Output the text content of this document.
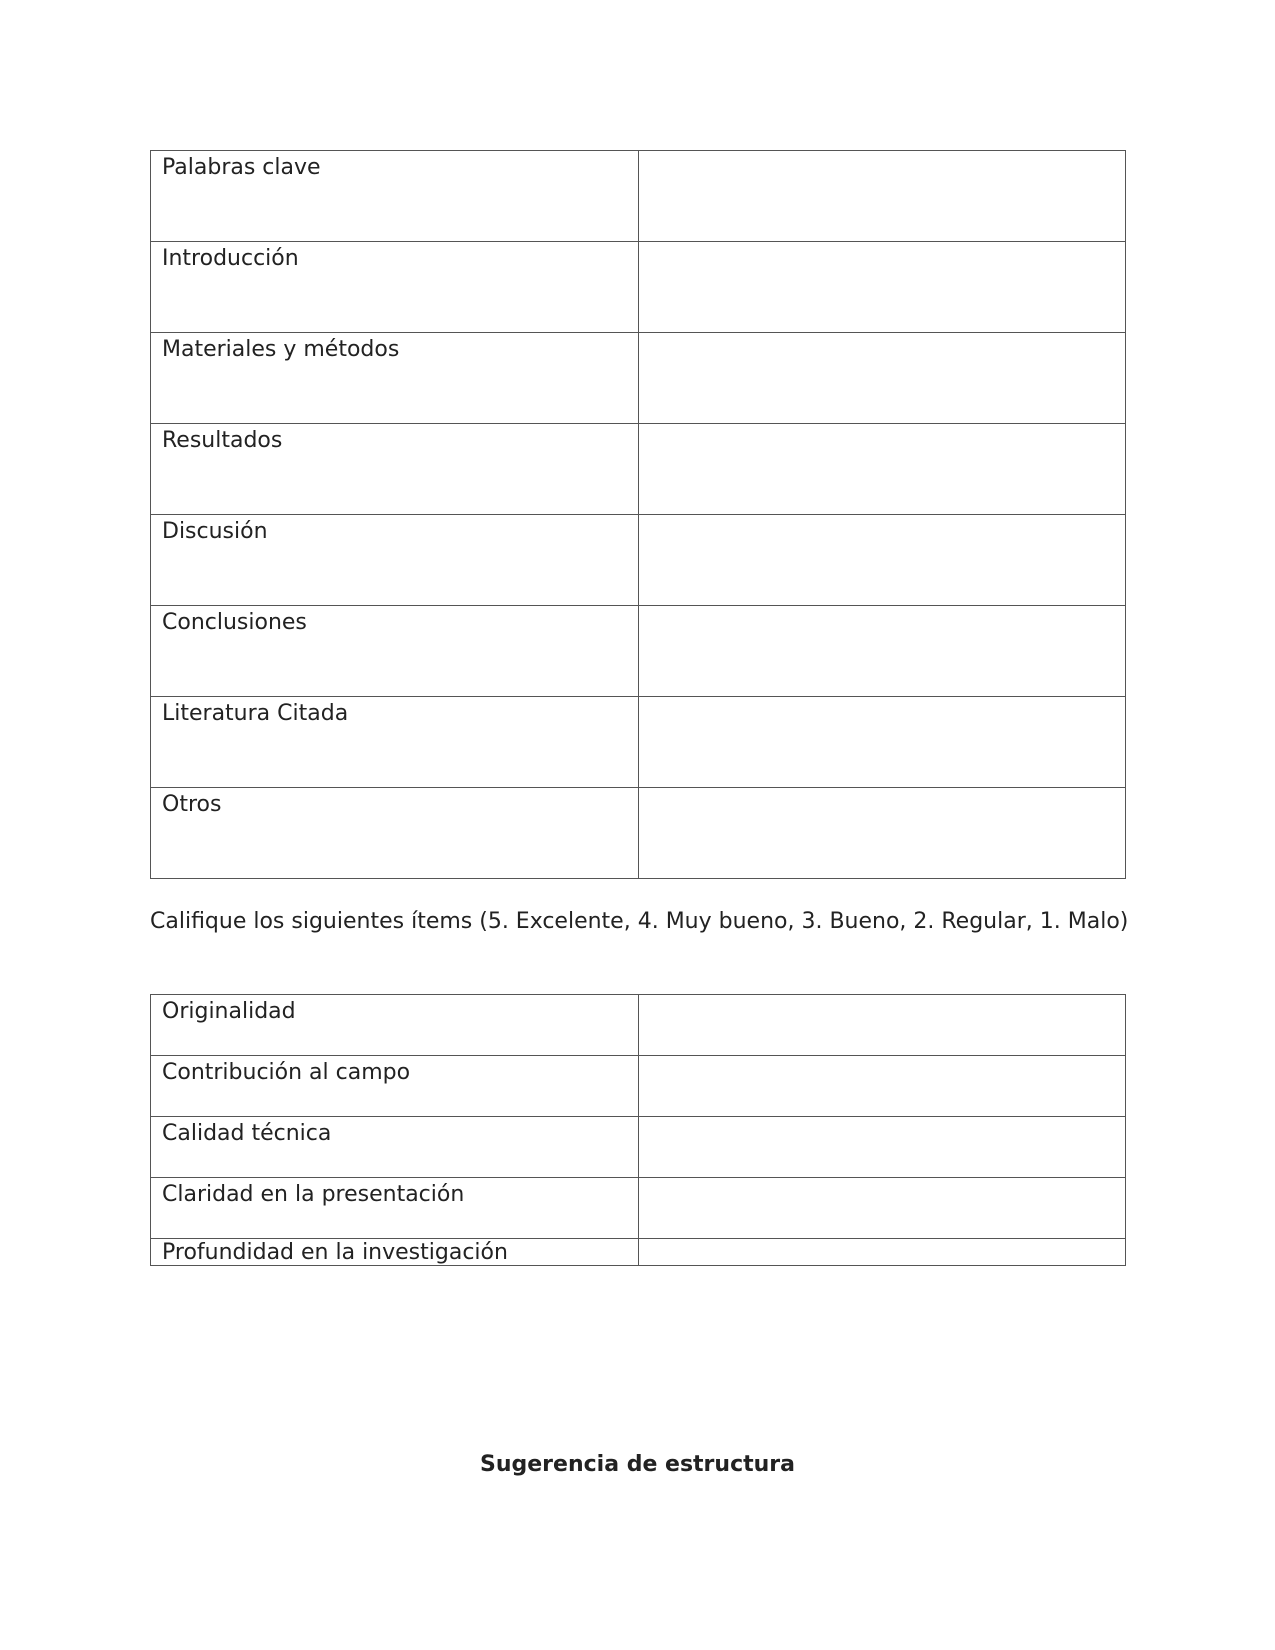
Palabras clave	
Introducción	
Materiales y métodos	
Resultados	
Discusión	
Conclusiones	
Literatura Citada	
Otros	
Califique los siguientes ítems (5. Excelente, 4. Muy bueno, 3. Bueno, 2. Regular, 1. Malo)
Originalidad	
Contribución al campo	
Calidad técnica	
Claridad en la presentación	
Profundidad en la investigación	
Sugerencia de estructura
